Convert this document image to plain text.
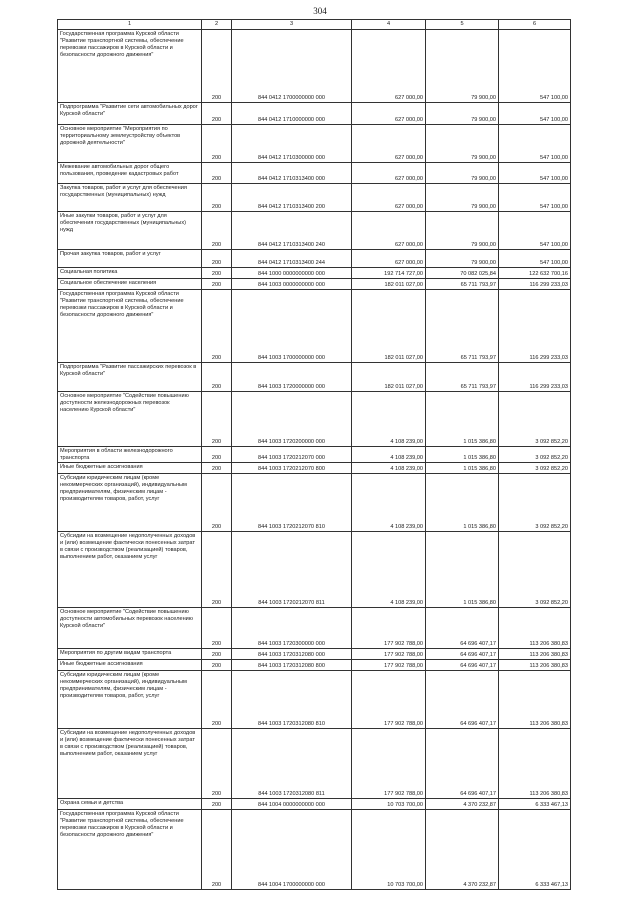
304
1	2	3	4	5	6
Государственная программа Курской области "Развитие транспортной системы, обеспечение перевозки пассажиров в Курской области и безопасности дорожного движения"	200	844 0412 1700000000 000	627 000,00	79 900,00	547 100,00
Подпрограмма "Развитие сети автомобильных дорог Курской области"	200	844 0412 1710000000 000	627 000,00	79 900,00	547 100,00
Основное мероприятие "Мероприятия по территориальному землеустройству объектов дорожной деятельности"	200	844 0412 1710300000 000	627 000,00	79 900,00	547 100,00
Межевание автомобильных дорог общего пользования, проведение кадастровых работ	200	844 0412 1710313400 000	627 000,00	79 900,00	547 100,00
Закупка товаров, работ и услуг для обеспечения государственных (муниципальных) нужд	200	844 0412 1710313400 200	627 000,00	79 900,00	547 100,00
Иные закупки товаров, работ и услуг для обеспечения государственных (муниципальных) нужд	200	844 0412 1710313400 240	627 000,00	79 900,00	547 100,00
Прочая закупка товаров, работ и услуг	200	844 0412 1710313400 244	627 000,00	79 900,00	547 100,00
Социальная политика	200	844 1000 0000000000 000	192 714 727,00	70 082 025,84	122 632 700,16
Социальное обеспечение населения	200	844 1003 0000000000 000	182 011 027,00	65 711 793,97	116 299 233,03
Государственная программа Курской области "Развитие транспортной системы, обеспечение перевозки пассажиров в Курской области и безопасности дорожного движения"	200	844 1003 1700000000 000	182 011 027,00	65 711 793,97	116 299 233,03
Подпрограмма "Развитие пассажирских перевозок в Курской области"	200	844 1003 1720000000 000	182 011 027,00	65 711 793,97	116 299 233,03
Основное мероприятие "Содействие повышению доступности железнодорожных перевозок населению Курской области"	200	844 1003 1720200000 000	4 108 239,00	1 015 386,80	3 092 852,20
Мероприятия в области железнодорожного транспорта	200	844 1003 1720212070 000	4 108 239,00	1 015 386,80	3 092 852,20
Иные бюджетные ассигнования	200	844 1003 1720212070 800	4 108 239,00	1 015 386,80	3 092 852,20
Субсидии юридическим лицам (кроме некоммерческих организаций), индивидуальным предпринимателям, физическим лицам - производителям товаров, работ, услуг	200	844 1003 1720212070 810	4 108 239,00	1 015 386,80	3 092 852,20
Субсидии на возмещение недополученных доходов и (или) возмещение фактически понесенных затрат в связи с производством (реализацией) товаров, выполнением работ, оказанием услуг	200	844 1003 1720212070 811	4 108 239,00	1 015 386,80	3 092 852,20
Основное мероприятие "Содействие повышению доступности автомобильных перевозок населению Курской области"	200	844 1003 1720300000 000	177 902 788,00	64 696 407,17	113 206 380,83
Мероприятия по другим видам транспорта	200	844 1003 1720312080 000	177 902 788,00	64 696 407,17	113 206 380,83
Иные бюджетные ассигнования	200	844 1003 1720312080 800	177 902 788,00	64 696 407,17	113 206 380,83
Субсидии юридическим лицам (кроме некоммерческих организаций), индивидуальным предпринимателям, физическим лицам - производителям товаров, работ, услуг	200	844 1003 1720312080 810	177 902 788,00	64 696 407,17	113 206 380,83
Субсидии на возмещение недополученных доходов и (или) возмещение фактически понесенных затрат в связи с производством (реализацией) товаров, выполнением работ, оказанием услуг	200	844 1003 1720312080 811	177 902 788,00	64 696 407,17	113 206 380,83
Охрана семьи и детства	200	844 1004 0000000000 000	10 703 700,00	4 370 232,87	6 333 467,13
Государственная программа Курской области "Развитие транспортной системы, обеспечение перевозки пассажиров в Курской области и безопасности дорожного движения"	200	844 1004 1700000000 000	10 703 700,00	4 370 232,87	6 333 467,13
